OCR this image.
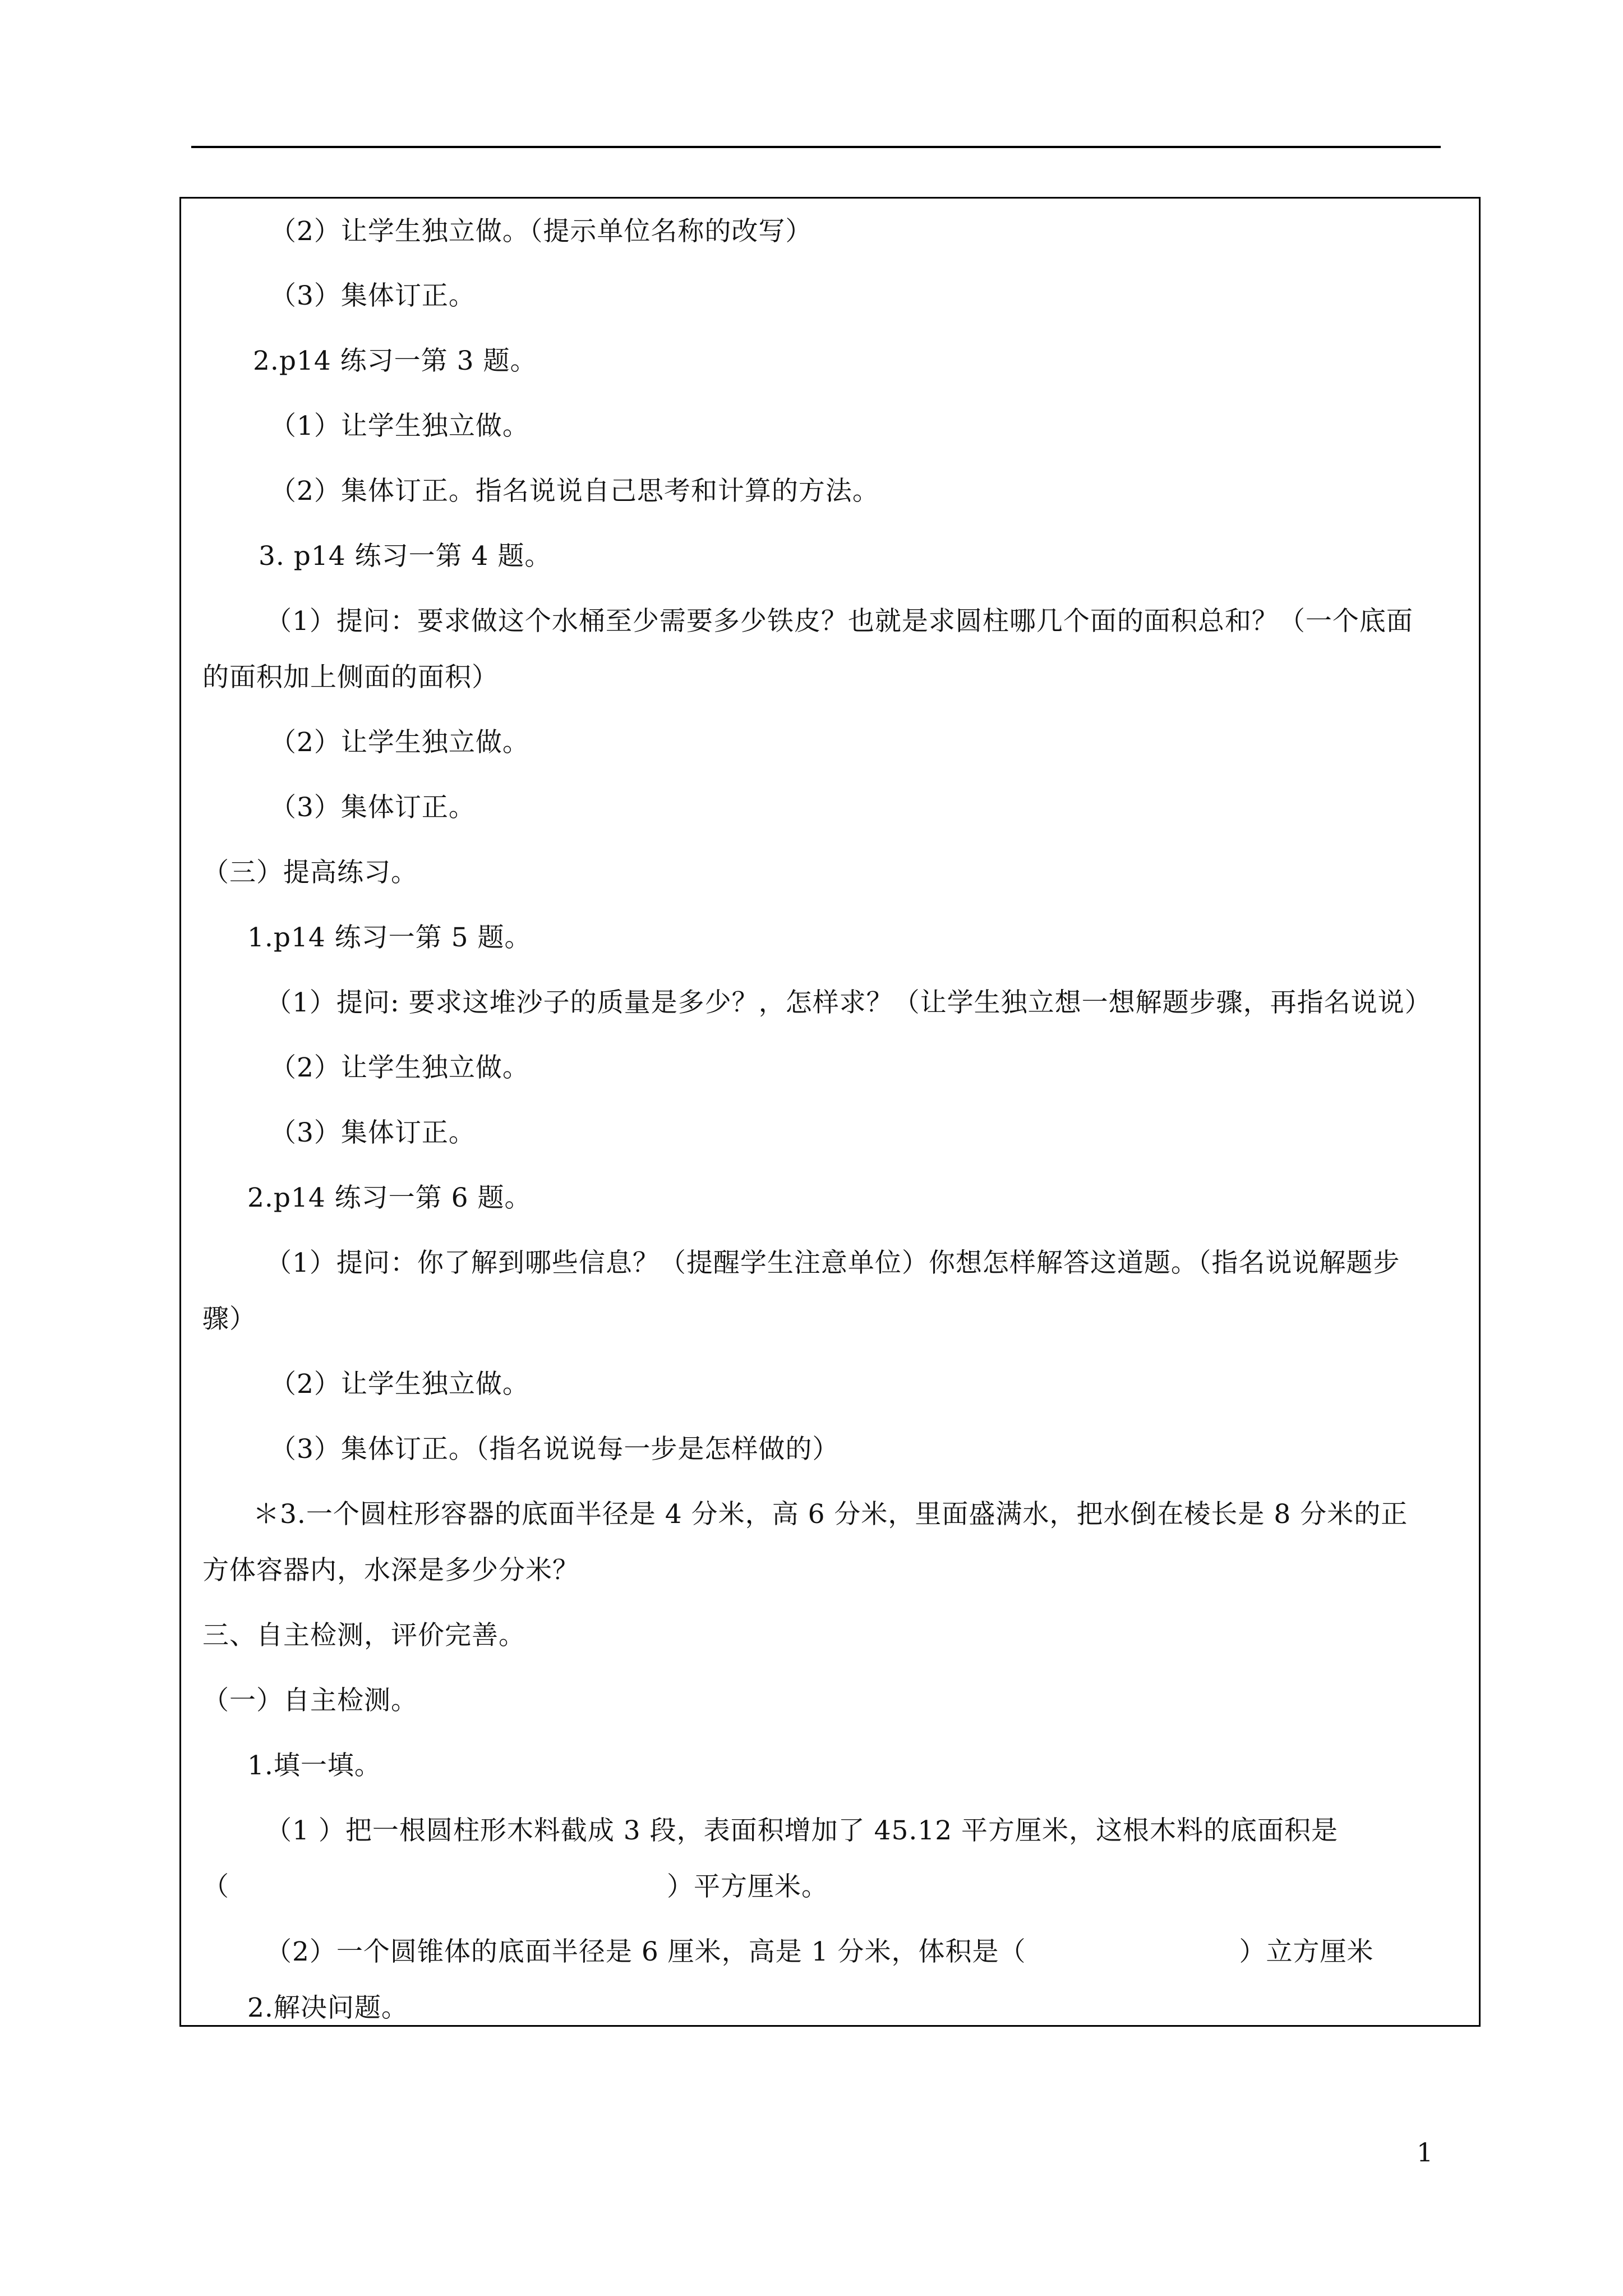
（2）让学生独立做。（提示单位名称的改写）
（3）集体订正。
2.p14 练习一第 3 题。
（1）让学生独立做。
（2）集体订正。指名说说自己思考和计算的方法。
3. p14 练习一第 4 题。
（1）提问：要求做这个水桶至少需要多少铁皮？也就是求圆柱哪几个面的面积总和？（一个底面
的面积加上侧面的面积）
（2）让学生独立做。
（3）集体订正。
（三）提高练习。
1.p14 练习一第 5 题。
（1）提问: 要求这堆沙子的质量是多少？，怎样求？（让学生独立想一想解题步骤，再指名说说）
（2）让学生独立做。
（3）集体订正。
2.p14 练习一第 6 题。
（1）提问：你了解到哪些信息？（提醒学生注意单位）你想怎样解答这道题。（指名说说解题步
骤）
（2）让学生独立做。
（3）集体订正。（指名说说每一步是怎样做的）
＊3.一个圆柱形容器的底面半径是 4 分米，高 6 分米，里面盛满水，把水倒在棱长是 8 分米的正
方体容器内，水深是多少分米？
三、自主检测，评价完善。
（一）自主检测。
1.填一填。
（1 ）把一根圆柱形木料截成 3 段，表面积增加了 45.12 平方厘米，这根木料的底面积是
（	）平方厘米。
（2）一个圆锥体的底面半径是 6 厘米，高是 1 分米，体积是（	）立方厘米
2.解决问题。
1
